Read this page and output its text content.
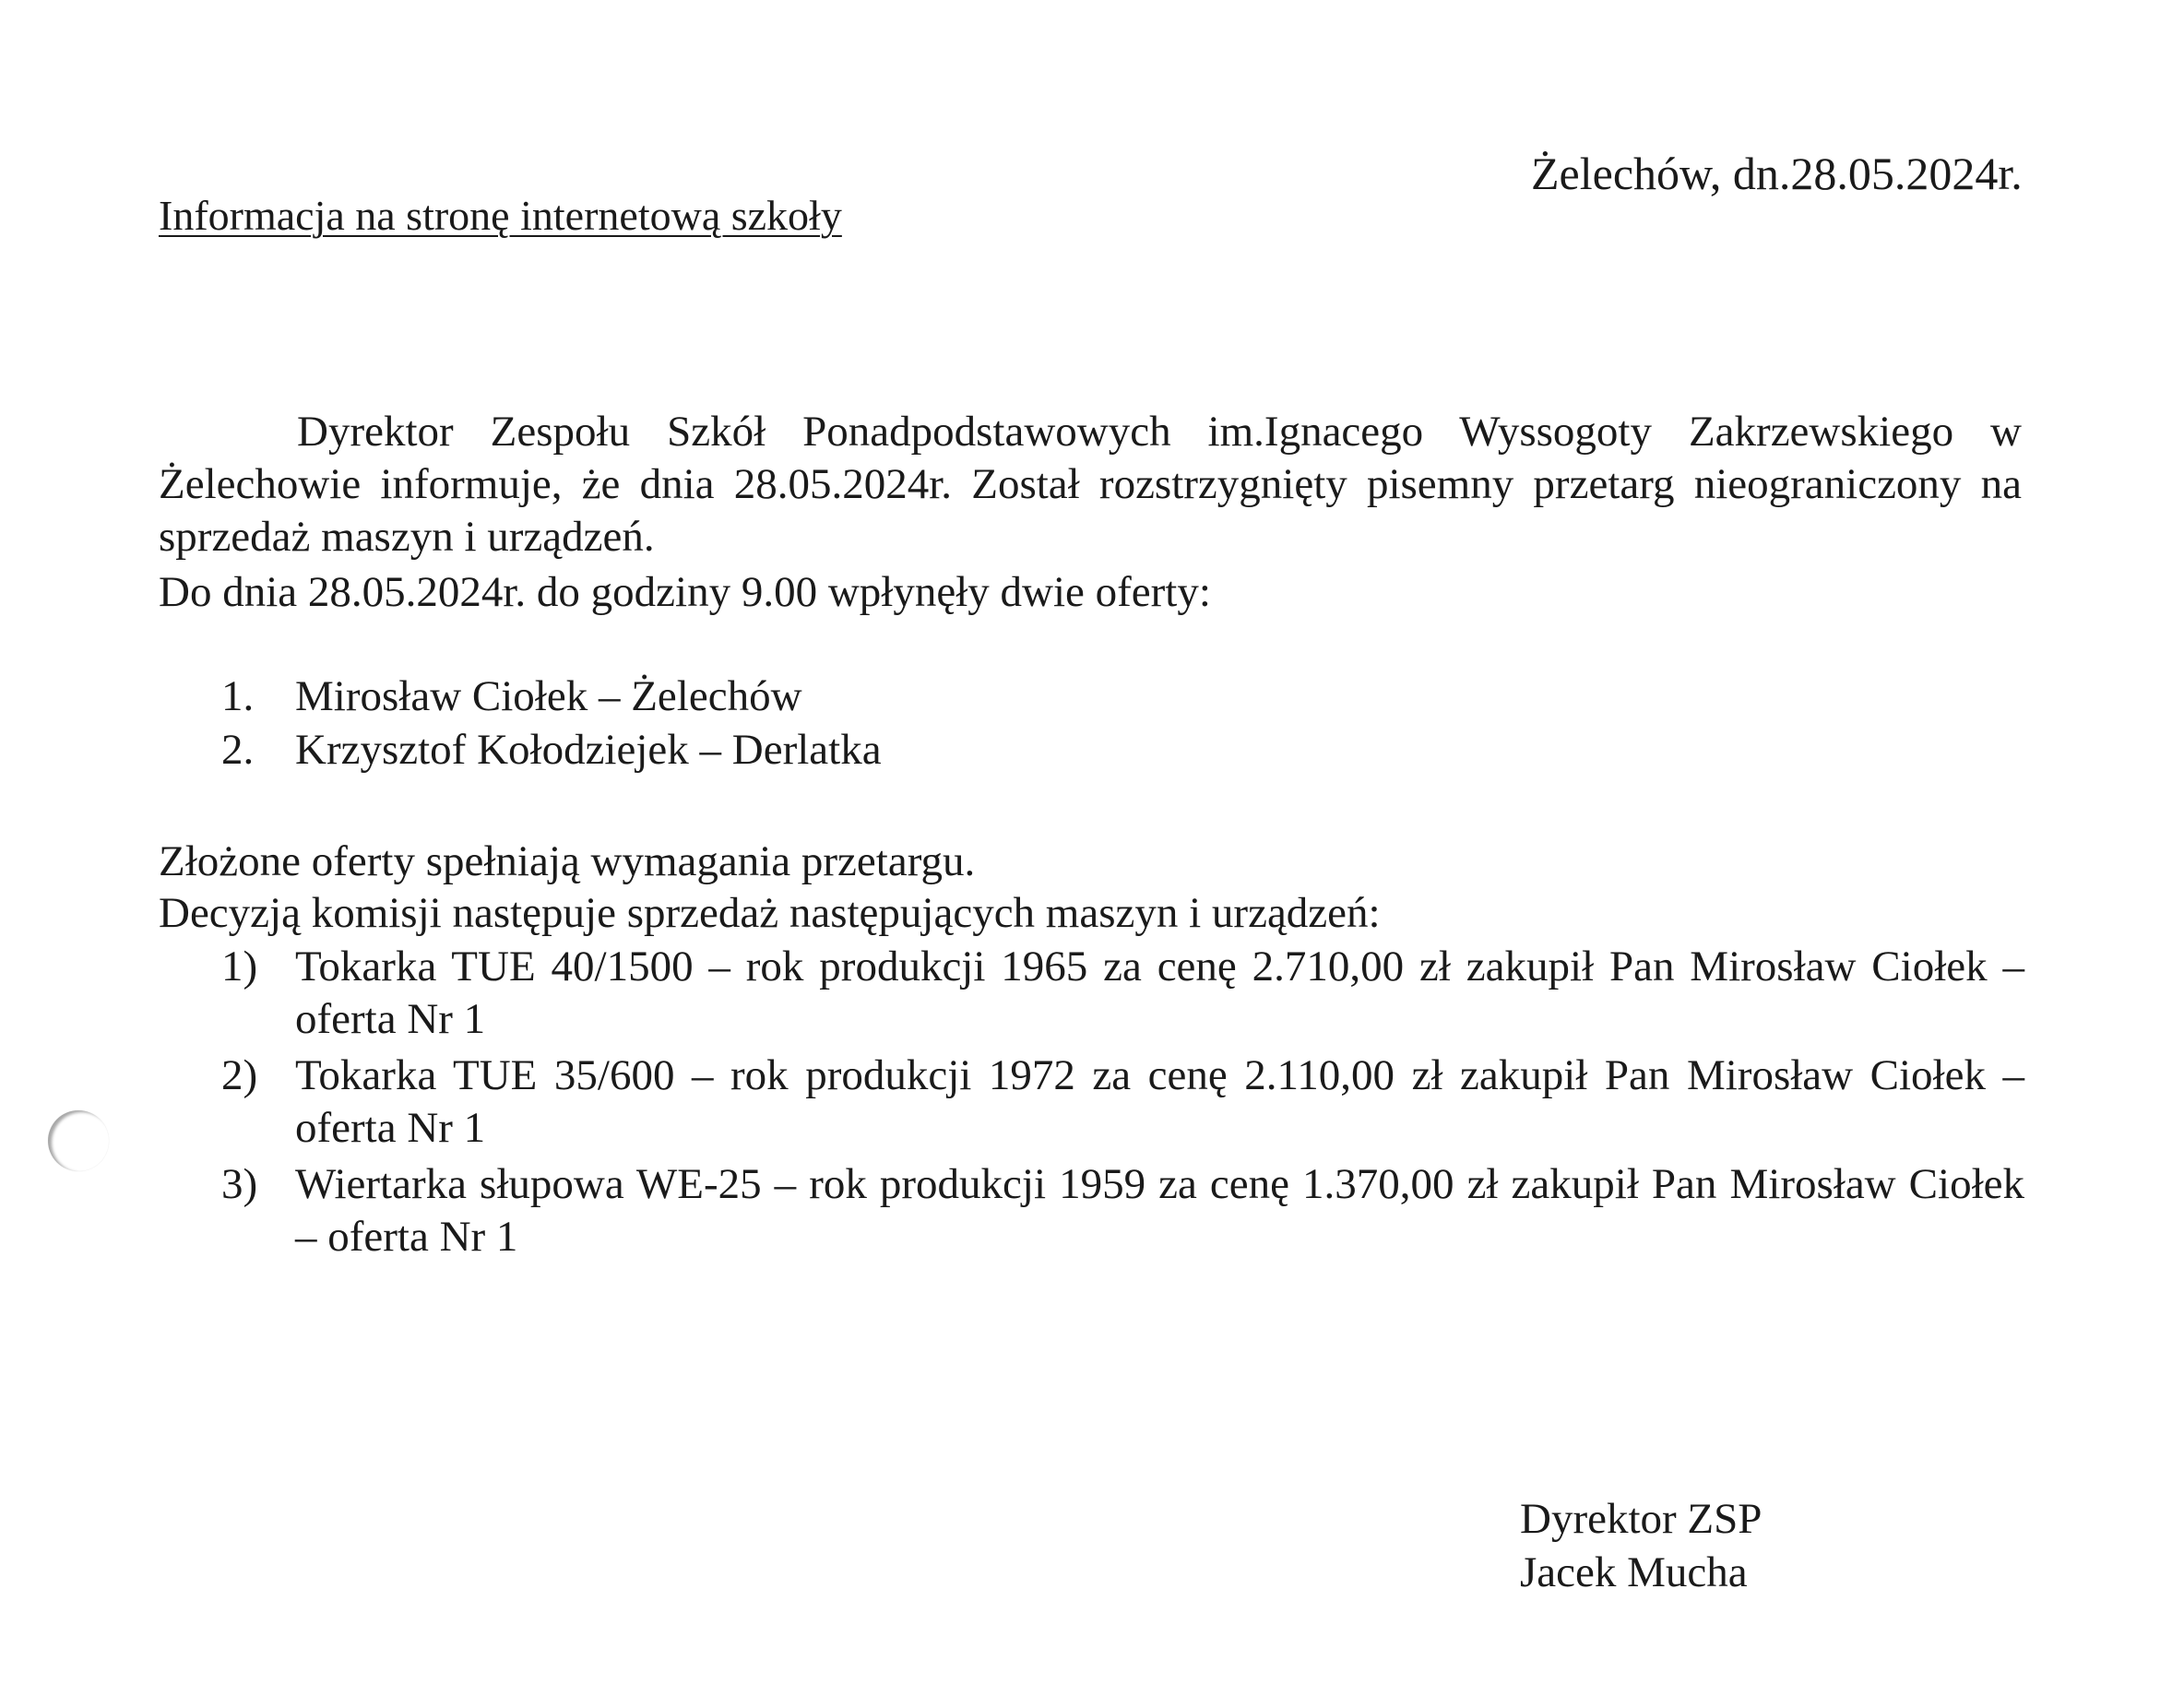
Żelechów, dn.28.05.2024r.
Informacja na stronę internetową szkoły

Dyrektor Zespołu Szkół Ponadpodstawowych im.Ignacego Wyssogoty Zakrzewskiego w Żelechowie informuje, że dnia 28.05.2024r. Został rozstrzygnięty pisemny przetarg nieograniczony na sprzedaż maszyn i urządzeń.

Do dnia 28.05.2024r. do godziny 9.00 wpłynęły dwie oferty:

1. Mirosław Ciołek – Żelechów
2. Krzysztof Kołodziejek – Derlatka

Złożone oferty spełniają wymagania przetargu.

Decyzją komisji następuje sprzedaż następujących maszyn i urządzeń:

1) Tokarka TUE 40/1500 – rok produkcji 1965 za cenę 2.710,00 zł zakupił Pan Mirosław Ciołek – oferta Nr 1
2) Tokarka TUE 35/600 – rok produkcji 1972 za cenę 2.110,00 zł zakupił Pan Mirosław Ciołek – oferta Nr 1
3) Wiertarka słupowa WE-25 – rok produkcji 1959 za cenę 1.370,00 zł zakupił Pan Mirosław Ciołek – oferta Nr 1
Dyrektor ZSP
Jacek Mucha
